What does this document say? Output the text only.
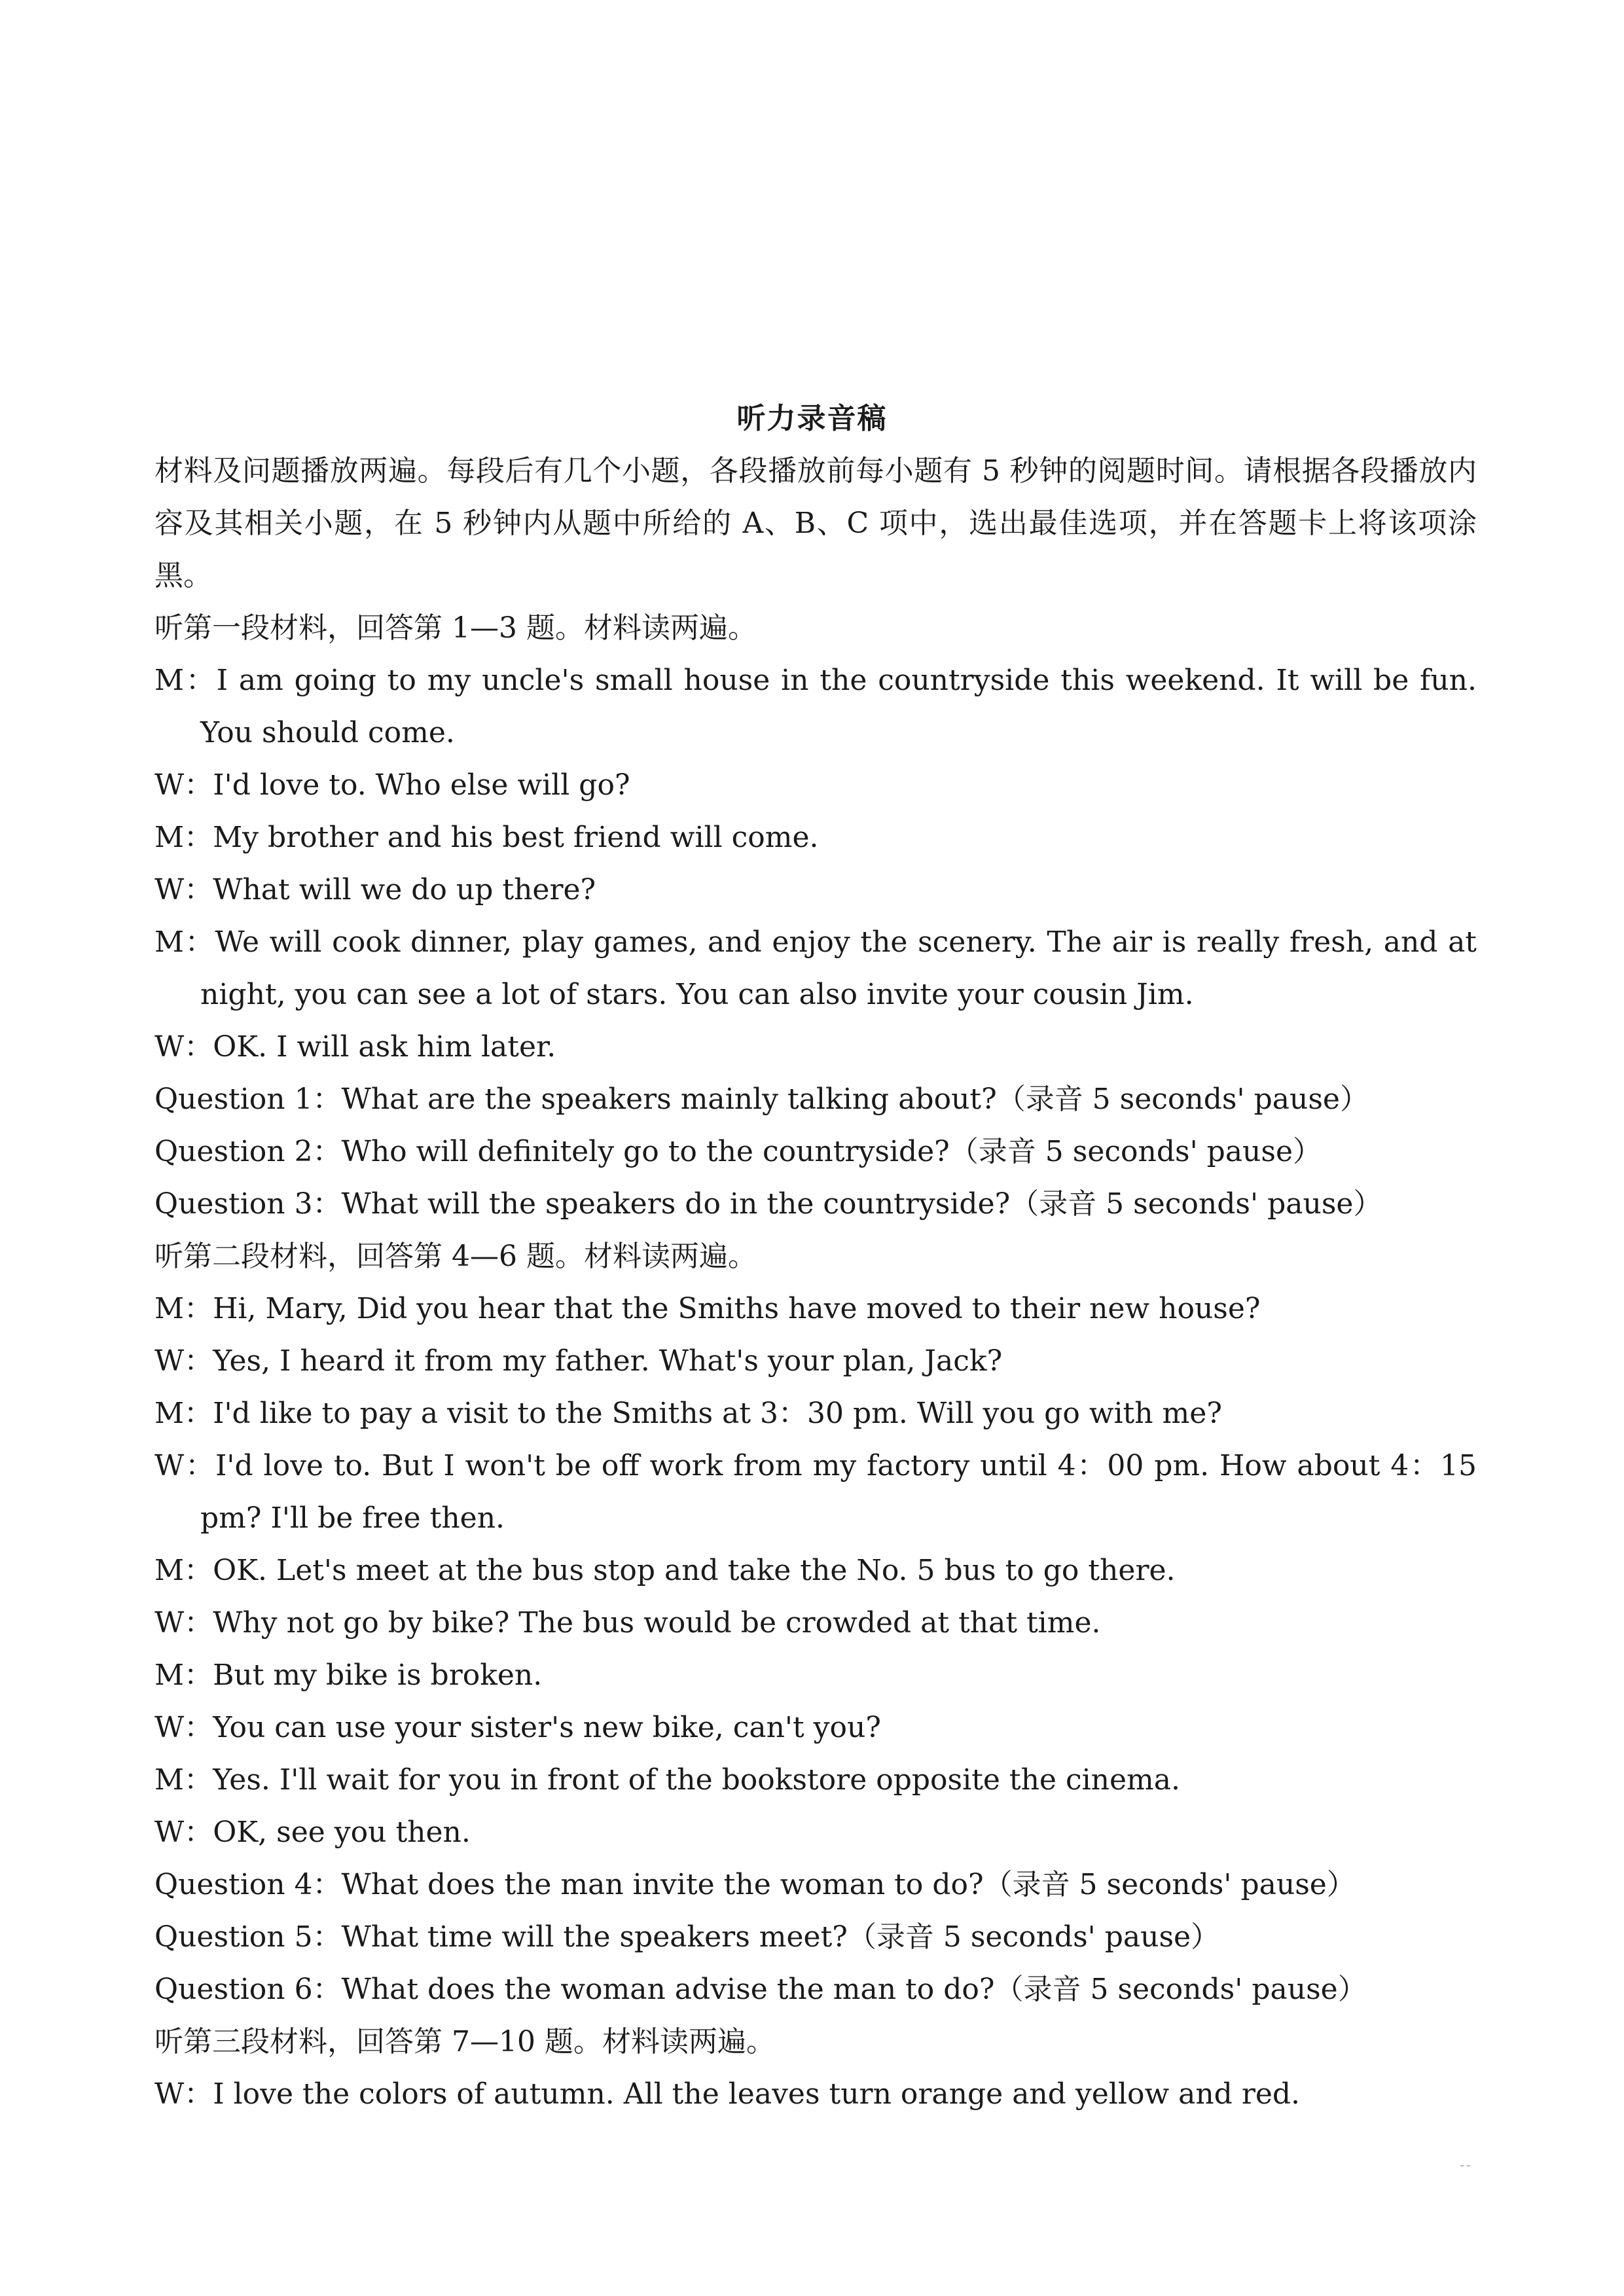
听力录音稿

材料及问题播放两遍。每段后有几个小题，各段播放前每小题有 5 秒钟的阅题时间。请根据各段播放内容及其相关小题，在 5 秒钟内从题中所给的 A、B、C 项中，选出最佳选项，并在答题卡上将该项涂黑。

听第一段材料，回答第 1—3 题。材料读两遍。

M：I am going to my uncle's small house in the countryside this weekend. It will be fun. You should come.

W：I'd love to. Who else will go?

M：My brother and his best friend will come.

W：What will we do up there?

M：We will cook dinner, play games, and enjoy the scenery. The air is really fresh, and at night, you can see a lot of stars. You can also invite your cousin Jim.

W：OK. I will ask him later.

Question 1：What are the speakers mainly talking about?（录音 5 seconds' pause）

Question 2：Who will definitely go to the countryside?（录音 5 seconds' pause）

Question 3：What will the speakers do in the countryside?（录音 5 seconds' pause）

听第二段材料，回答第 4—6 题。材料读两遍。

M：Hi, Mary, Did you hear that the Smiths have moved to their new house?

W：Yes, I heard it from my father. What's your plan, Jack?

M：I'd like to pay a visit to the Smiths at 3：30 pm. Will you go with me?

W：I'd love to. But I won't be off work from my factory until 4：00 pm. How about 4：15 pm? I'll be free then.

M：OK. Let's meet at the bus stop and take the No. 5 bus to go there.

W：Why not go by bike? The bus would be crowded at that time.

M：But my bike is broken.

W：You can use your sister's new bike, can't you?

M：Yes. I'll wait for you in front of the bookstore opposite the cinema.

W：OK, see you then.

Question 4：What does the man invite the woman to do?（录音 5 seconds' pause）

Question 5：What time will the speakers meet?（录音 5 seconds' pause）

Question 6：What does the woman advise the man to do?（录音 5 seconds' pause）

听第三段材料，回答第 7—10 题。材料读两遍。

W：I love the colors of autumn. All the leaves turn orange and yellow and red.

--
